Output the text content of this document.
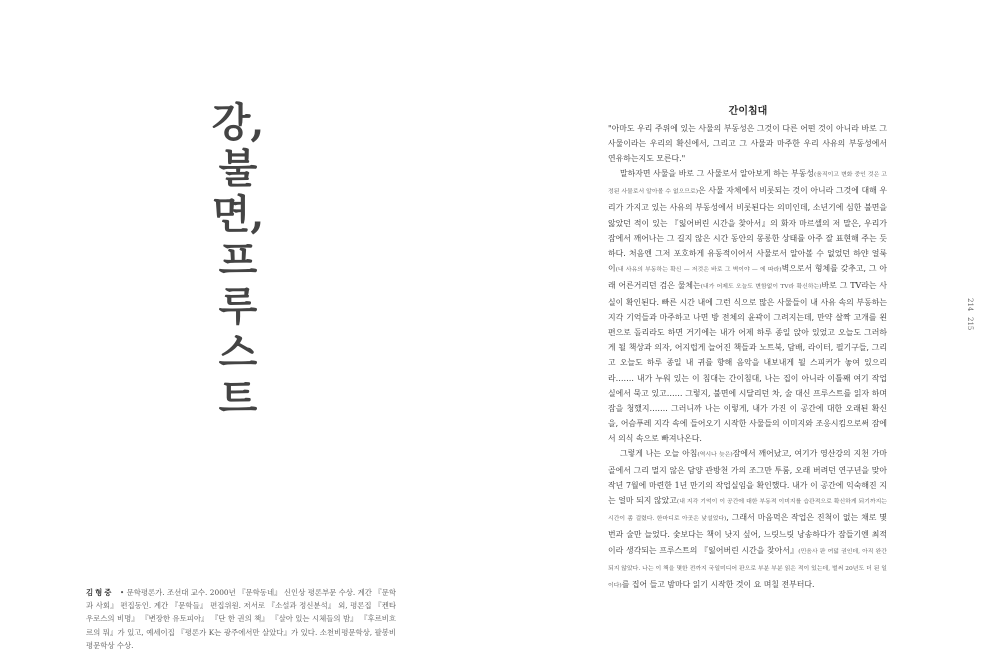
강,
불면,
프
루
스
트
김형중 • 문학평론가. 조선대 교수. 2000년 『문학동네』 신인상 평론부문 수상. 계간 『문학과 사회』 편집동인. 계간 『문학들』 편집위원. 저서로 『소설과 정신분석』 외, 평론집 『켄타우로스의 비명』 『변장한 유토피아』 『단 한 권의 책』 『살아 있는 시체들의 밤』 『후르비흐르의 뭐』가 있고, 예세이집 『평론가 K는 광주에서만 살았다』가 있다. 소천비평문학상, 팔봉비평문학상 수상.
간이침대

"아마도 우리 주위에 있는 사물의 부동성은 그것이 다른 어떤 것이 아니라 바로 그 사물이라는 우리의 확신에서, 그리고 그 사물과 마주한 우리 사유의 부동성에서 연유하는지도 모른다."

말하자면 사물을 바로 그 사물로서 알아보게 하는 부동성(움직이고 변화 중인 것은 고정된 사물로서 알아볼 수 없으므로)은 사물 자체에서 비롯되는 것이 아니라 그것에 대해 우리가 가지고 있는 사유의 부동성에서 비롯된다는 의미인데, 소년기에 심한 불면을 앓았던 적이 있는 『잃어버린 시간을 찾아서』의 화자 마르셀의 저 말은, 우리가 잠에서 깨어나는 그 길지 않은 시간 동안의 몽롱한 상태를 아주 잘 표현해 주는 듯하다. 처음엔 그저 포호하게 유동적이어서 사물로서 알아볼 수 없었던 하얀 얼룩이(내 사유의 부동하는 확신 — 저것은 바로 그 벽이야 — 에 따라)벽으로서 형체를 갖추고, 그 아래 어른거리던 검은 물체는(내가 어제도 오늘도 변함없이 TV라 확신하는)바로 그 TV라는 사실이 확인된다. 빠른 시간 내에 그런 식으로 많은 사물들이 내 사유 속의 부동하는 지각 기억들과 마주하고 나면 방 전체의 윤곽이 그려지는데, 만약 살짝 고개를 왼편으로 돌리라도 하면 거기에는 내가 어제 하루 종일 앉아 있었고 오늘도 그러하게 될 책상과 의자, 어지럽게 늘어진 책들과 노트북, 담배, 라이터, 필기구들, 그리고 오늘도 하루 종일 내 귀를 향해 음악을 내보내게 될 스피커가 놓여 있으리라……. 내가 누워 있는 이 침대는 간이침대, 나는 집이 아니라 이틀째 여기 작업실에서 묵고 있고…… 그렇지, 불면에 시달리던 차, 술 대신 프루스트를 읽자 하며 잠을 청했지……. 그러니까 나는 이렇게, 내가 가진 이 공간에 대한 오래된 확신을, 어슴푸레 지각 속에 들어오기 시작한 사물들의 이미지와 조응시킴으로써 잠에서 의식 속으로 빠져나온다.

그렇게 나는 오늘 아침(역시나 늦은)잠에서 깨어났고, 여기가 영산강의 지천 가마골에서 그리 멀지 않은 담양 관방천 가의 조그만 투룸, 오래 버려던 연구년을 맞아 작년 7월에 마련한 1년 만기의 작업실임을 확인했다. 내가 이 공간에 익숙해진 지는 얼마 되지 않았고(내 지각 기억이 이 공간에 대한 부동적 이미지를 습관적으로 확신하게 되기까지는 시간이 좀 걸렸다. 한마디로 아곳은 낯설었다), 그래서 마음먹은 작업은 진척이 없는 채로 몇 번과 술만 늘었다. 숯보다는 책이 낫지 싶어, 느릿느릿 낭송하다가 잠들기엔 최적이라 생각되는 프루스트의 『잃어버린 시간을 찾아서』(민음사 판 여덟 권인데, 아직 완간되지 않았다. 나는 이 책을 몇한 전까지 국일미디어 판으로 부분 부분 읽은 적이 있는데, 벌써 20년도 더 된 일이다)를 집어 들고 밤마다 읽기 시작한 것이 요 며칠 전부터다.

214
215
